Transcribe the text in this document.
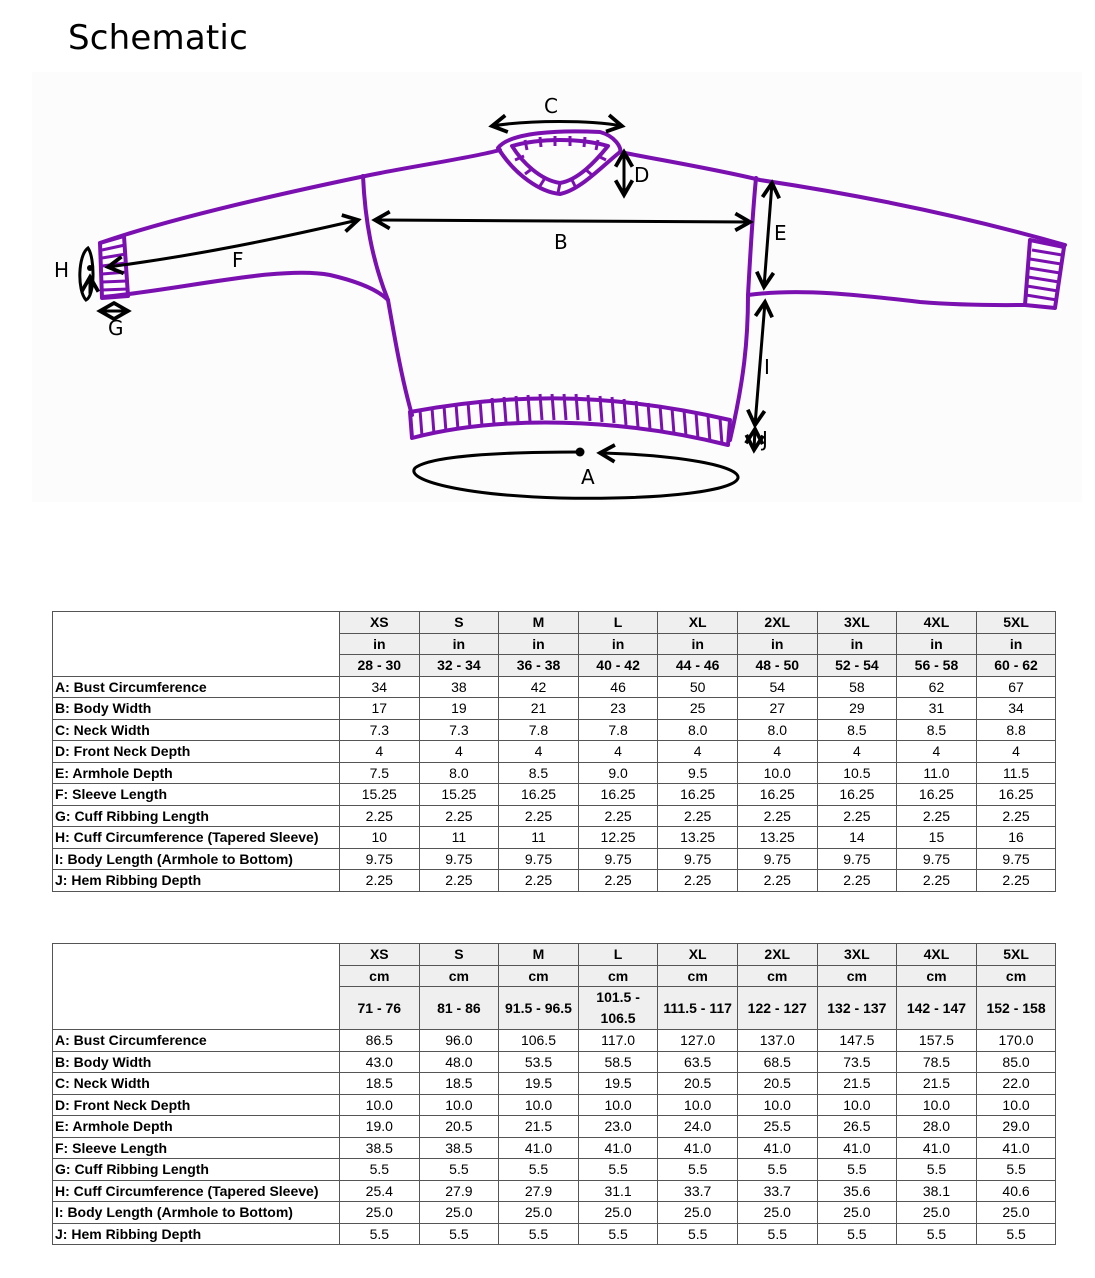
Schematic
C
D
B	E
F
H
G
I
J
A
	XS	S	M	L	XL	2XL	3XL	4XL	5XL
	in	in	in	in	in	in	in	in	in
	28 - 30	32 - 34	36 - 38	40 - 42	44 - 46	48 - 50	52 - 54	56 - 58	60 - 62
A: Bust Circumference	34	38	42	46	50	54	58	62	67
B: Body Width	17	19	21	23	25	27	29	31	34
C: Neck Width	7.3	7.3	7.8	7.8	8.0	8.0	8.5	8.5	8.8
D: Front Neck Depth	4	4	4	4	4	4	4	4	4
E: Armhole Depth	7.5	8.0	8.5	9.0	9.5	10.0	10.5	11.0	11.5
F: Sleeve Length	15.25	15.25	16.25	16.25	16.25	16.25	16.25	16.25	16.25
G: Cuff Ribbing Length	2.25	2.25	2.25	2.25	2.25	2.25	2.25	2.25	2.25
H: Cuff Circumference (Tapered Sleeve)	10	11	11	12.25	13.25	13.25	14	15	16
I: Body Length (Armhole to Bottom)	9.75	9.75	9.75	9.75	9.75	9.75	9.75	9.75	9.75
J: Hem Ribbing Depth	2.25	2.25	2.25	2.25	2.25	2.25	2.25	2.25	2.25
	XS	S	M	L	XL	2XL	3XL	4XL	5XL
	cm	cm	cm	cm	cm	cm	cm	cm	cm
	71 - 76	81 - 86	91.5 - 96.5	101.5 - 106.5	111.5 - 117	122 - 127	132 - 137	142 - 147	152 - 158
A: Bust Circumference	86.5	96.0	106.5	117.0	127.0	137.0	147.5	157.5	170.0
B: Body Width	43.0	48.0	53.5	58.5	63.5	68.5	73.5	78.5	85.0
C: Neck Width	18.5	18.5	19.5	19.5	20.5	20.5	21.5	21.5	22.0
D: Front Neck Depth	10.0	10.0	10.0	10.0	10.0	10.0	10.0	10.0	10.0
E: Armhole Depth	19.0	20.5	21.5	23.0	24.0	25.5	26.5	28.0	29.0
F: Sleeve Length	38.5	38.5	41.0	41.0	41.0	41.0	41.0	41.0	41.0
G: Cuff Ribbing Length	5.5	5.5	5.5	5.5	5.5	5.5	5.5	5.5	5.5
H: Cuff Circumference (Tapered Sleeve)	25.4	27.9	27.9	31.1	33.7	33.7	35.6	38.1	40.6
I: Body Length (Armhole to Bottom)	25.0	25.0	25.0	25.0	25.0	25.0	25.0	25.0	25.0
J: Hem Ribbing Depth	5.5	5.5	5.5	5.5	5.5	5.5	5.5	5.5	5.5
